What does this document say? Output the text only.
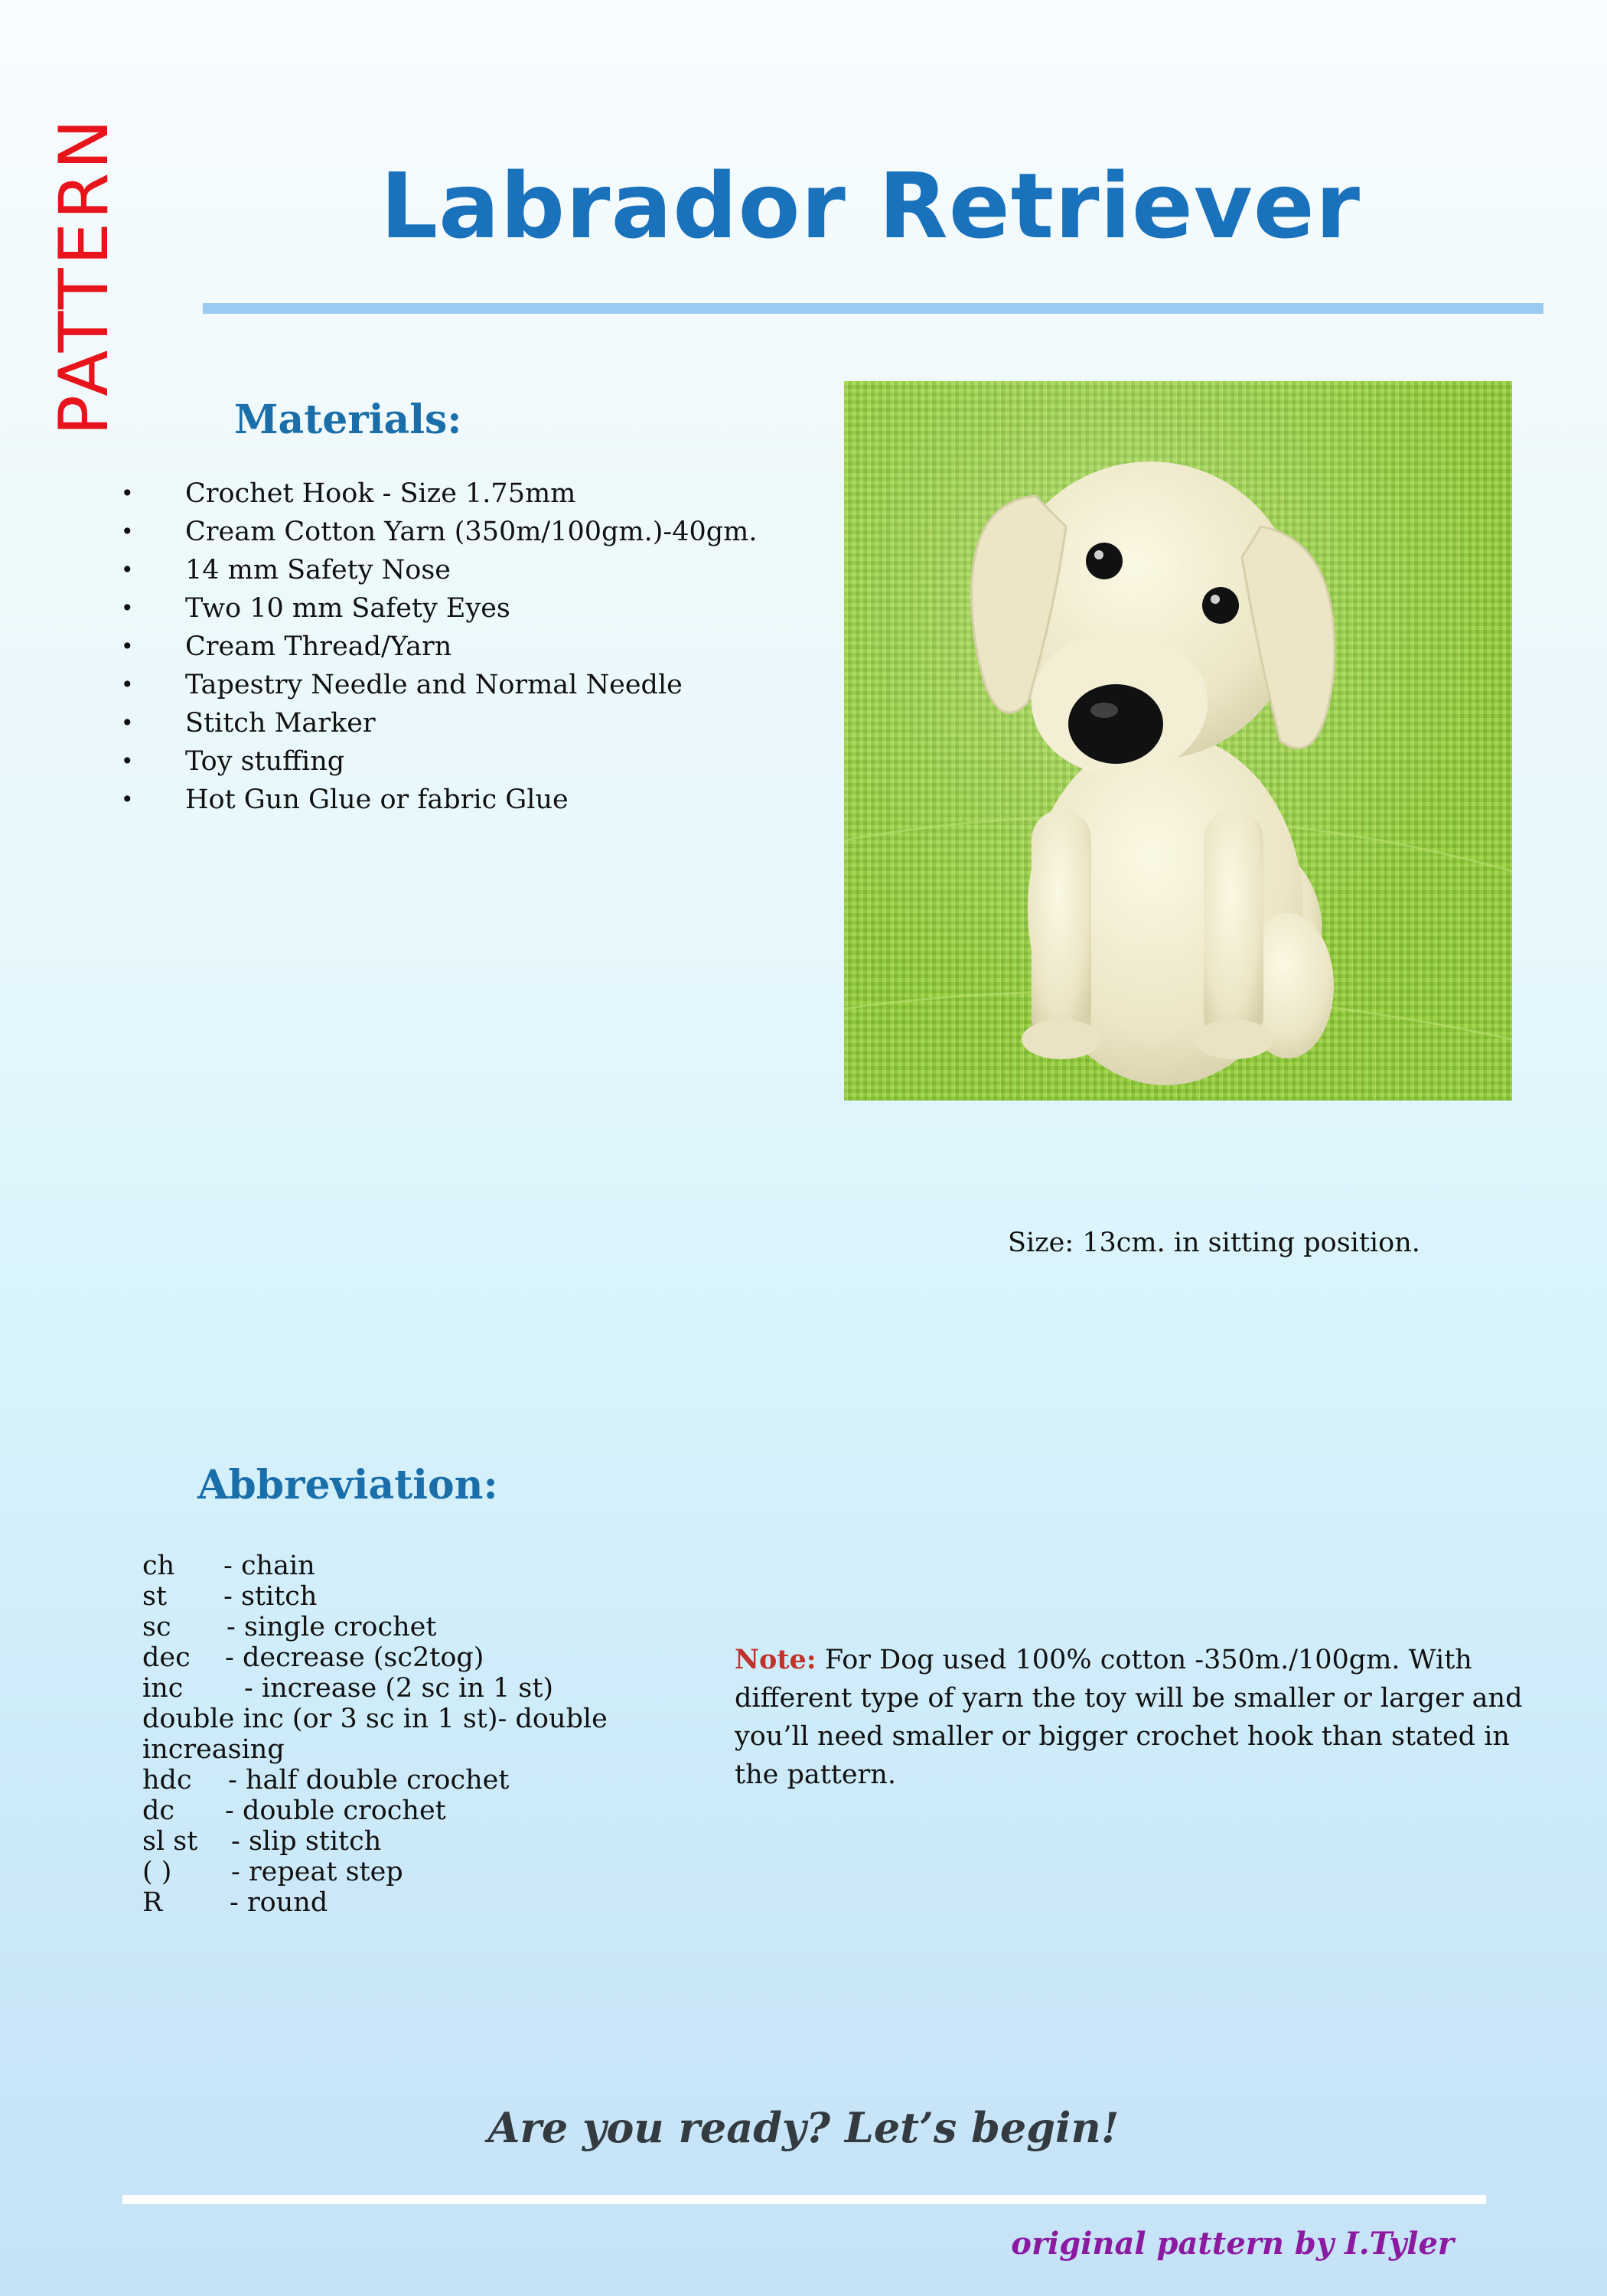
PATTERN	Labrador Retriever
Materials:
• Crochet Hook - Size 1.75mm
• Cream Cotton Yarn (350m/100gm.)-40gm.
• 14 mm Safety Nose
• Two 10 mm Safety Eyes
• Cream Thread/Yarn
• Tapestry Needle and Normal Needle
• Stitch Marker
• Toy stuffing
• Hot Gun Glue or fabric Glue
Size: 13cm. in sitting position.
Abbreviation:
ch	- chain
st	- stitch
sc	- single crochet
dec	- decrease (sc2tog)
inc	- increase (2 sc in 1 st)
double inc (or 3 sc in 1 st)- double increasing
hdc	- half double crochet
dc	- double crochet
sl st	- slip stitch
( )	- repeat step
R	- round
Note: For Dog used 100% cotton -350m./100gm. With different type of yarn the toy will be smaller or larger and you’ll need smaller or bigger crochet hook than stated in the pattern.
Are you ready? Let’s begin!
original pattern by I.Tyler
